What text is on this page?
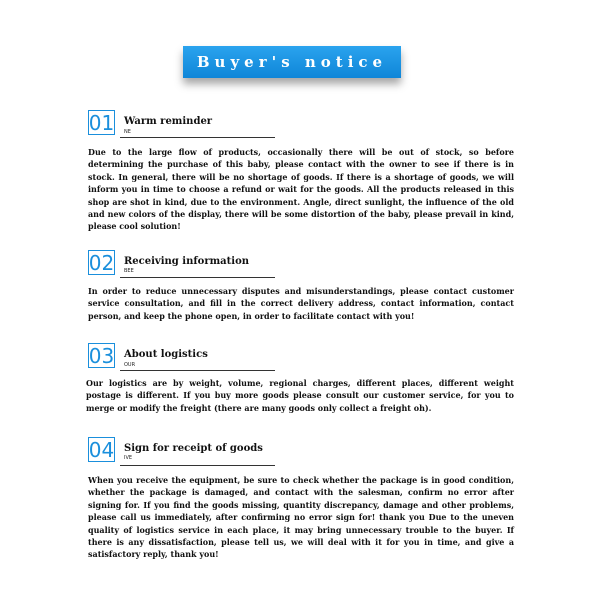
Buyer's notice
01 Warm reminder
NE

Due to the large flow of products, occasionally there will be out of stock, so before determining the purchase of this baby, please contact with the owner to see if there is in stock. In general, there will be no shortage of goods. If there is a shortage of goods, we will inform you in time to choose a refund or wait for the goods. All the products released in this shop are shot in kind, due to the environment. Angle, direct sunlight, the influence of the old and new colors of the display, there will be some distortion of the baby, please prevail in kind, please cool solution!

02 Receiving information
BEE

In order to reduce unnecessary disputes and misunderstandings, please contact customer service consultation, and fill in the correct delivery address, contact information, contact person, and keep the phone open, in order to facilitate contact with you!

03 About logistics
OUR

Our logistics are by weight, volume, regional charges, different places, different weight postage is different. If you buy more goods please consult our customer service, for you to merge or modify the freight (there are many goods only collect a freight oh).

04 Sign for receipt of goods
IVE

When you receive the equipment, be sure to check whether the package is in good condition, whether the package is damaged, and contact with the salesman, confirm no error after signing for. If you find the goods missing, quantity discrepancy, damage and other problems, please call us immediately, after confirming no error sign for! thank you Due to the uneven quality of logistics service in each place, it may bring unnecessary trouble to the buyer. If there is any dissatisfaction, please tell us, we will deal with it for you in time, and give a satisfactory reply, thank you!
